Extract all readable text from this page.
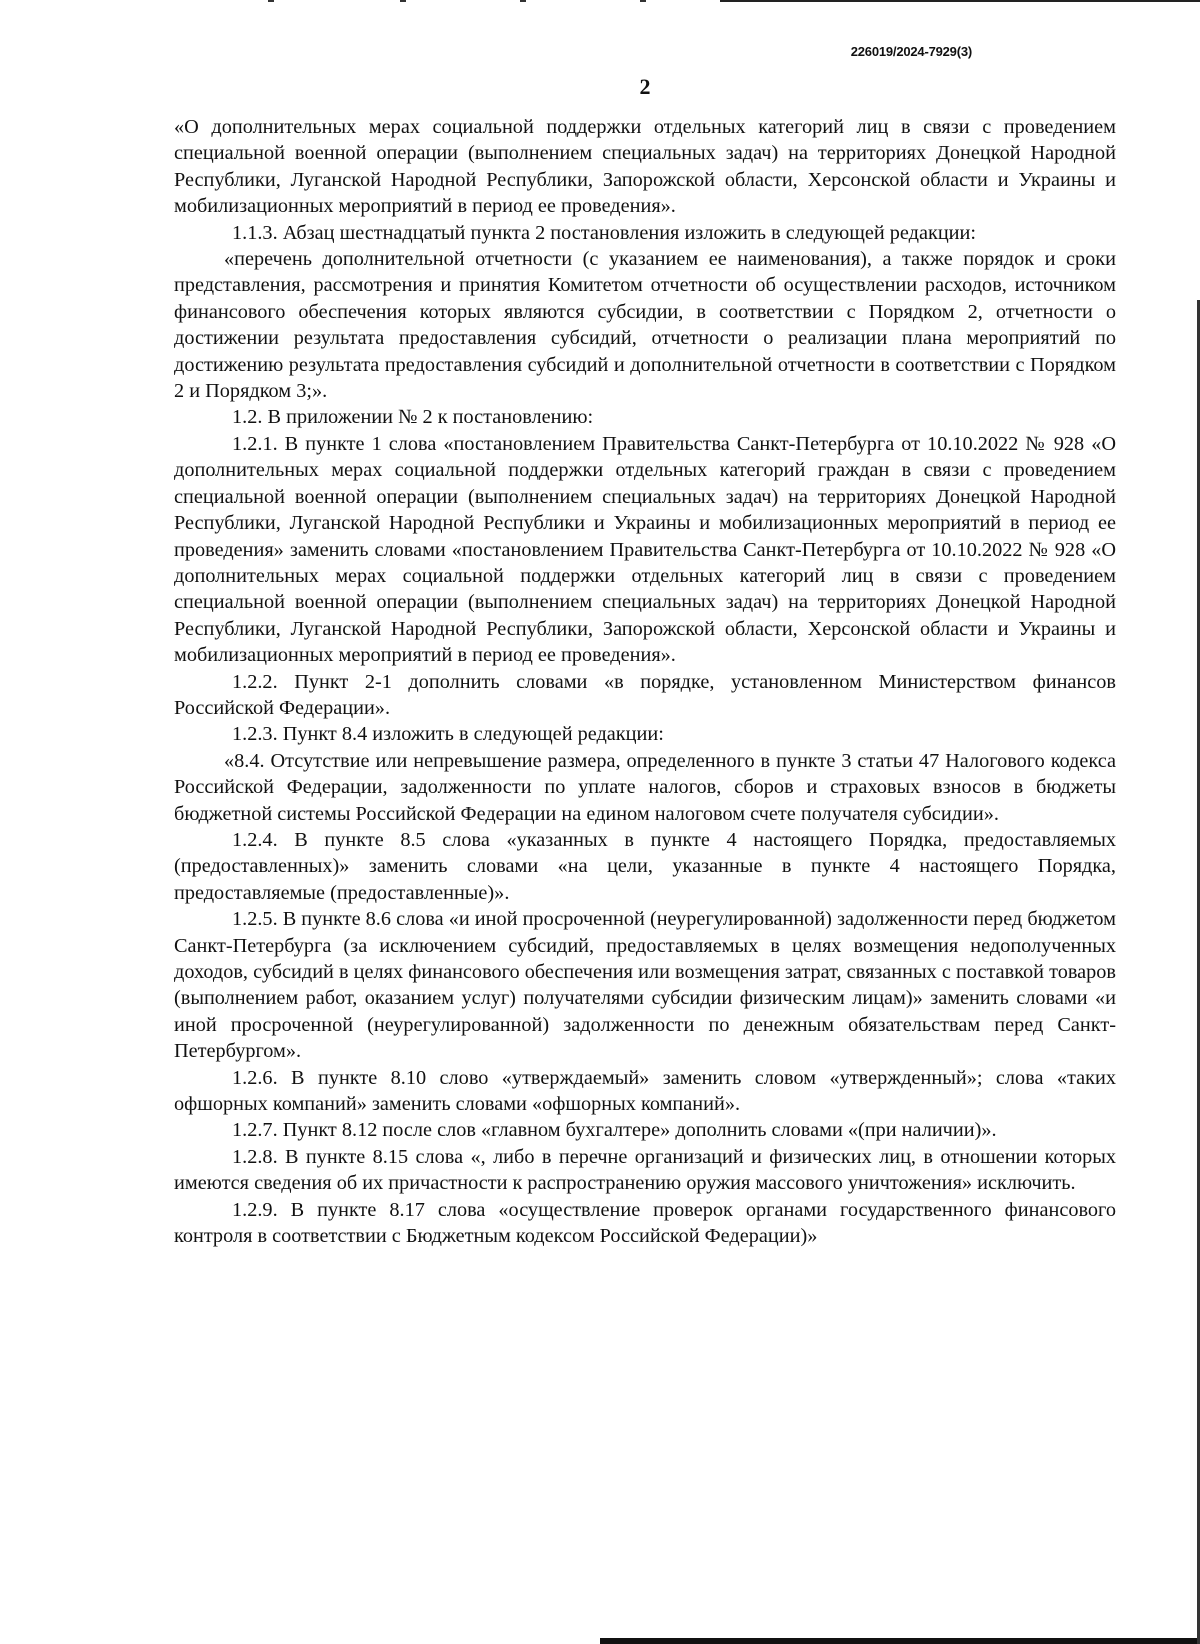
226019/2024-7929(3)
2

«О дополнительных мерах социальной поддержки отдельных категорий лиц в связи с проведением специальной военной операции (выполнением специальных задач) на территориях Донецкой Народной Республики, Луганской Народной Республики, Запорожской области, Херсонской области и Украины и мобилизационных мероприятий в период ее проведения».

1.1.3. Абзац шестнадцатый пункта 2 постановления изложить в следующей редакции:

«перечень дополнительной отчетности (с указанием ее наименования), а также порядок и сроки представления, рассмотрения и принятия Комитетом отчетности об осуществлении расходов, источником финансового обеспечения которых являются субсидии, в соответствии с Порядком 2, отчетности о достижении результата предоставления субсидий, отчетности о реализации плана мероприятий по достижению результата предоставления субсидий и дополнительной отчетности в соответствии с Порядком 2 и Порядком 3;».

1.2. В приложении № 2 к постановлению:

1.2.1. В пункте 1 слова «постановлением Правительства Санкт-Петербурга от 10.10.2022 № 928 «О дополнительных мерах социальной поддержки отдельных категорий граждан в связи с проведением специальной военной операции (выполнением специальных задач) на территориях Донецкой Народной Республики, Луганской Народной Республики и Украины и мобилизационных мероприятий в период ее проведения» заменить словами «постановлением Правительства Санкт-Петербурга от 10.10.2022 № 928 «О дополнительных мерах социальной поддержки отдельных категорий лиц в связи с проведением специальной военной операции (выполнением специальных задач) на территориях Донецкой Народной Республики, Луганской Народной Республики, Запорожской области, Херсонской области и Украины и мобилизационных мероприятий в период ее проведения».

1.2.2. Пункт 2-1 дополнить словами «в порядке, установленном Министерством финансов Российской Федерации».

1.2.3. Пункт 8.4 изложить в следующей редакции:

«8.4. Отсутствие или непревышение размера, определенного в пункте 3 статьи 47 Налогового кодекса Российской Федерации, задолженности по уплате налогов, сборов и страховых взносов в бюджеты бюджетной системы Российской Федерации на едином налоговом счете получателя субсидии».

1.2.4. В пункте 8.5 слова «указанных в пункте 4 настоящего Порядка, предоставляемых (предоставленных)» заменить словами «на цели, указанные в пункте 4 настоящего Порядка, предоставляемые (предоставленные)».

1.2.5. В пункте 8.6 слова «и иной просроченной (неурегулированной) задолженности перед бюджетом Санкт-Петербурга (за исключением субсидий, предоставляемых в целях возмещения недополученных доходов, субсидий в целях финансового обеспечения или возмещения затрат, связанных с поставкой товаров (выполнением работ, оказанием услуг) получателями субсидии физическим лицам)» заменить словами «и иной просроченной (неурегулированной) задолженности по денежным обязательствам перед Санкт-Петербургом».

1.2.6. В пункте 8.10 слово «утверждаемый» заменить словом «утвержденный»; слова «таких офшорных компаний» заменить словами «офшорных компаний».

1.2.7. Пункт 8.12 после слов «главном бухгалтере» дополнить словами «(при наличии)».

1.2.8. В пункте 8.15 слова «, либо в перечне организаций и физических лиц, в отношении которых имеются сведения об их причастности к распространению оружия массового уничтожения» исключить.

1.2.9. В пункте 8.17 слова «осуществление проверок органами государственного финансового контроля в соответствии с Бюджетным кодексом Российской Федерации)»
